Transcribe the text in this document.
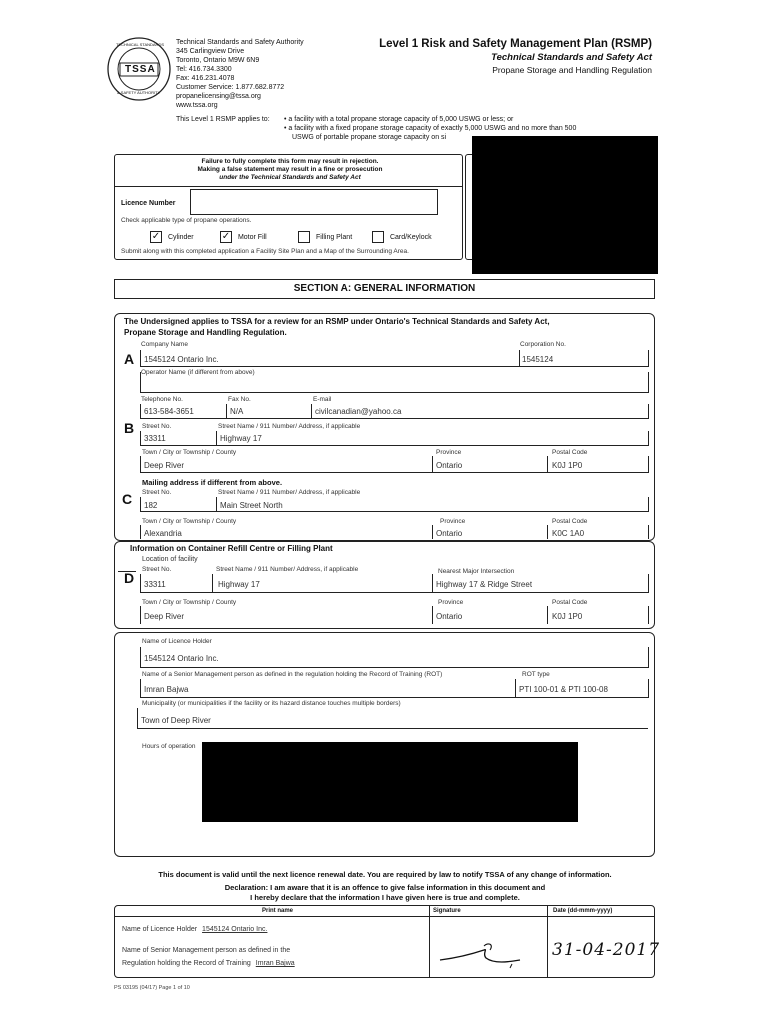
TSSA
TECHNICAL STANDARDS
& SAFETY AUTHORITY
Technical Standards and Safety Authority
345 Carlingview Drive
Toronto, Ontario M9W 6N9
Tel: 416.734.3300
Fax: 416.231.4078
Customer Service: 1.877.682.8772
propanelicensing@tssa.org
www.tssa.org
Level 1 Risk and Safety Management Plan (RSMP)
Technical Standards and Safety Act
Propane Storage and Handling Regulation
This Level 1 RSMP applies to: • a facility with a total propane storage capacity of 5,000 USWG or less; or
• a facility with a fixed propane storage capacity of exactly 5,000 USWG and no more than 500
USWG of portable propane storage capacity on si
Failure to fully complete this form may result in rejection.
Making a false statement may result in a fine or prosecution
under the Technical Standards and Safety Act
Licence Number
Check applicable type of propane operations.
✓ Cylinder	✓ Motor Fill	Filling Plant	Card/Keylock
Submit along with this completed application a Facility Site Plan and a Map of the Surrounding Area.
SECTION A: GENERAL INFORMATION
The Undersigned applies to TSSA for a review for an RSMP under Ontario's Technical Standards and Safety Act,
Propane Storage and Handling Regulation.
A
Company Name
1545124 Ontario Inc.
Corporation No.
1545124
Operator Name (if different from above)
Telephone No.
613-584-3651
Fax No.
N/A
E-mail
civilcanadian@yahoo.ca
B Street No.
33311
Street Name / 911 Number/ Address, if applicable
Highway 17
Town / City or Township / County
Deep River
Province
Ontario
Postal Code
K0J 1P0
Mailing address if different from above.
C Street No.
182
Street Name / 911 Number/ Address, if applicable
Main Street North
Town / City or Township / County
Alexandria
Province
Ontario
Postal Code
K0C 1A0
Information on Container Refill Centre or Filling Plant
Location of facility
D
Street No.
33311
Street Name / 911 Number/ Address, if applicable
Highway 17
Nearest Major Intersection
Highway 17 & Ridge Street
Town / City or Township / County
Deep River
Province
Ontario
Postal Code
K0J 1P0
Name of Licence Holder
1545124 Ontario Inc.
Name of a Senior Management person as defined in the regulation holding the Record of Training (ROT)
Imran Bajwa
ROT type
PTI 100-01 & PTI 100-08
Municipality (or municipalities if the facility or its hazard distance touches multiple borders)
Town of Deep River
Hours of operation
This document is valid until the next licence renewal date. You are required by law to notify TSSA of any change of information.
Declaration: I am aware that it is an offence to give false information in this document and
I hereby declare that the information I have given here is true and complete.
Print name	Signature	Date (dd-mmm-yyyy)
Name of Licence Holder 1545124 Ontario Inc.
Name of Senior Management person as defined in the
Regulation holding the Record of Training Imran Bajwa
31-04-2017
PS 03195 (04/17) Page 1 of 10
